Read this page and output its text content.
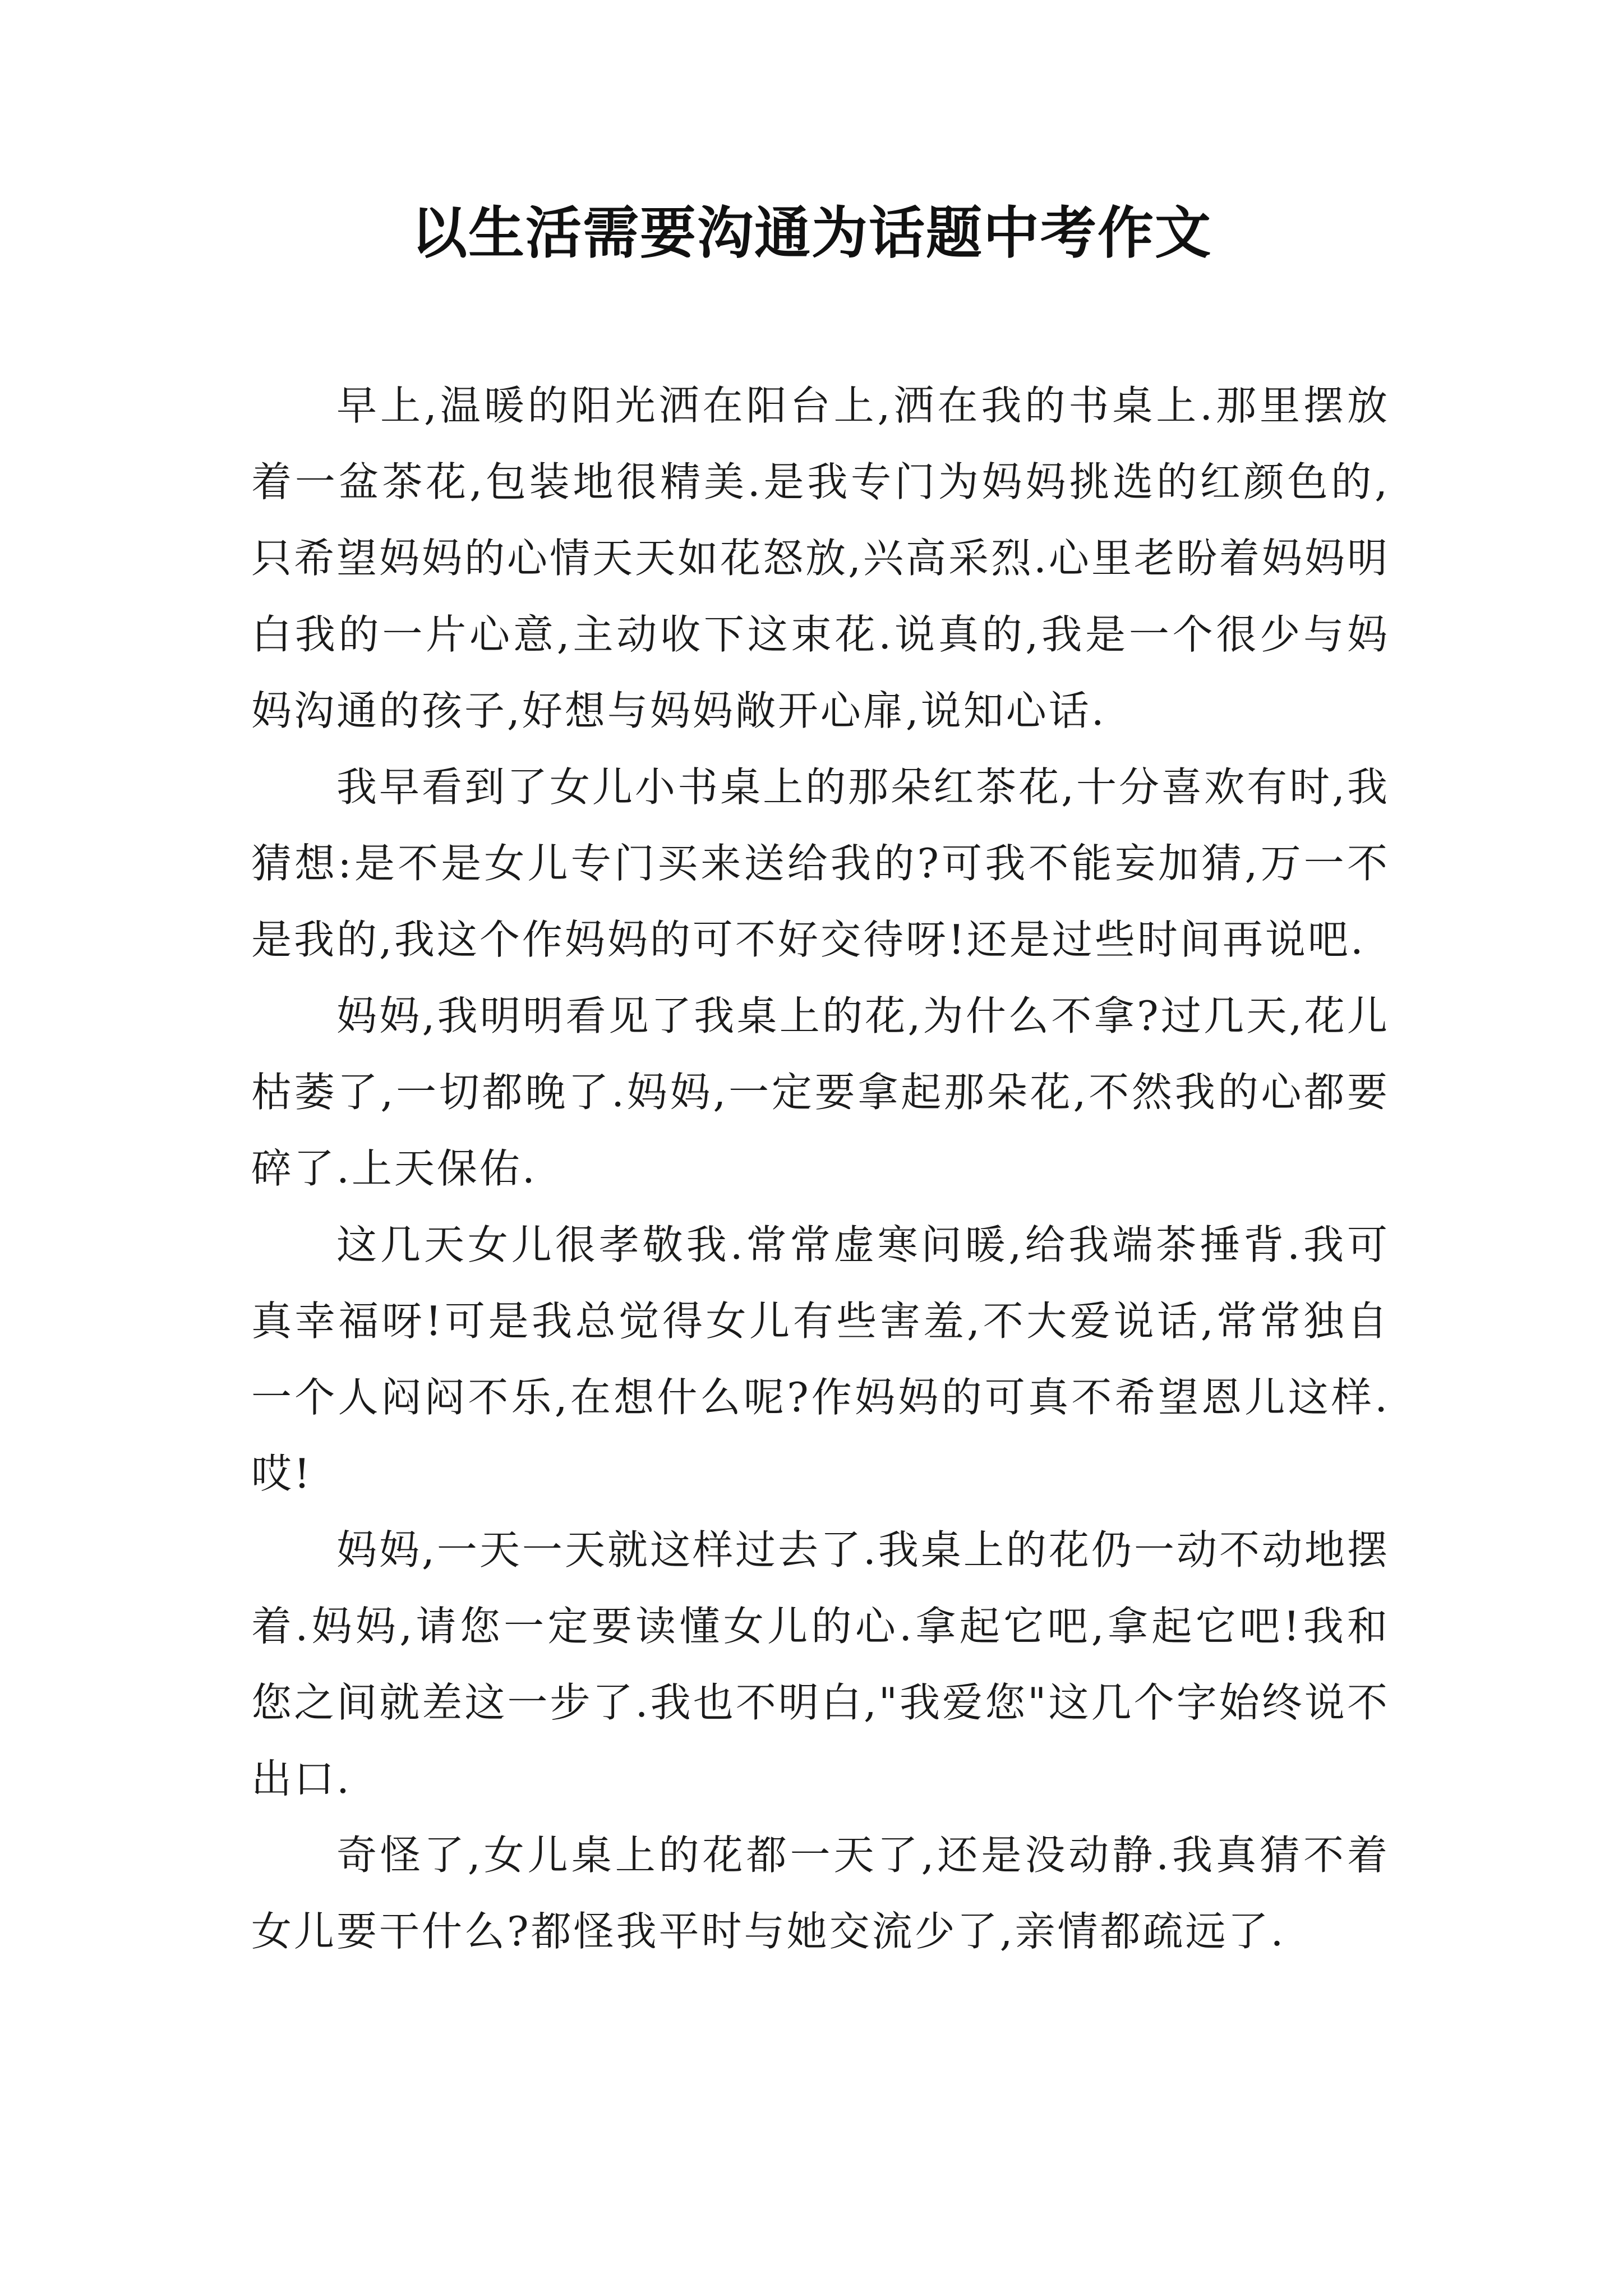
以生活需要沟通为话题中考作文

早上,温暖的阳光洒在阳台上,洒在我的书桌上.那里摆放着一盆茶花,包装地很精美.是我专门为妈妈挑选的红颜色的,只希望妈妈的心情天天如花怒放,兴高采烈.心里老盼着妈妈明白我的一片心意,主动收下这束花.说真的,我是一个很少与妈妈沟通的孩子,好想与妈妈敞开心扉,说知心话.

我早看到了女儿小书桌上的那朵红茶花,十分喜欢有时,我猜想:是不是女儿专门买来送给我的?可我不能妄加猜,万一不是我的,我这个作妈妈的可不好交待呀!还是过些时间再说吧.

妈妈,我明明看见了我桌上的花,为什么不拿?过几天,花儿枯萎了,一切都晚了.妈妈,一定要拿起那朵花,不然我的心都要碎了.上天保佑.

这几天女儿很孝敬我.常常虚寒问暖,给我端茶捶背.我可真幸福呀!可是我总觉得女儿有些害羞,不大爱说话,常常独自一个人闷闷不乐,在想什么呢?作妈妈的可真不希望恩儿这样.哎!

妈妈,一天一天就这样过去了.我桌上的花仍一动不动地摆着.妈妈,请您一定要读懂女儿的心.拿起它吧,拿起它吧!我和您之间就差这一步了.我也不明白,"我爱您"这几个字始终说不出口.

奇怪了,女儿桌上的花都一天了,还是没动静.我真猜不着女儿要干什么?都怪我平时与她交流少了,亲情都疏远了.
